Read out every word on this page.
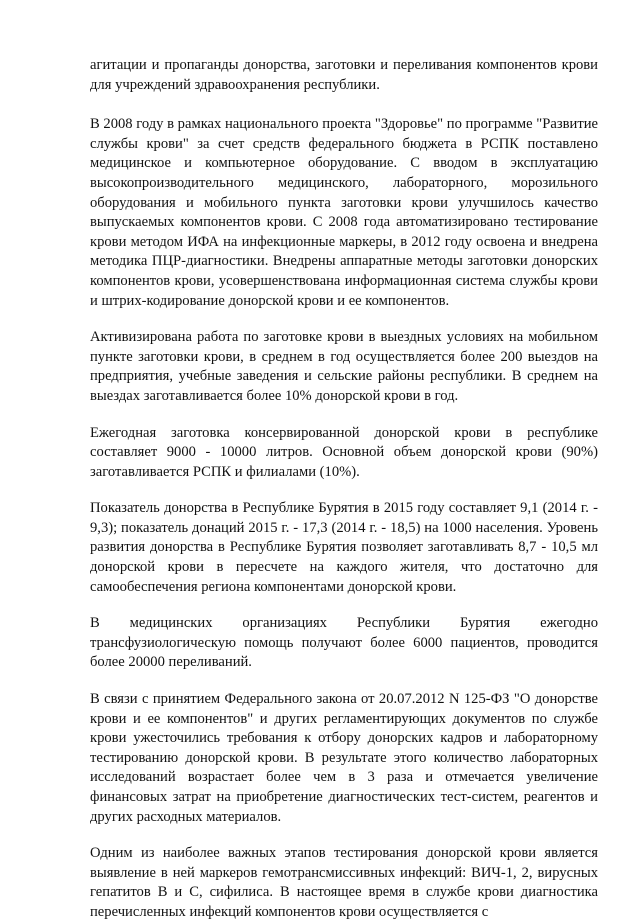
агитации и пропаганды донорства, заготовки и переливания компонентов крови для учреждений здравоохранения республики.

В 2008 году в рамках национального проекта "Здоровье" по программе "Развитие службы крови" за счет средств федерального бюджета в РСПК поставлено медицинское и компьютерное оборудование. С вводом в эксплуатацию высокопроизводительного медицинского, лабораторного, морозильного оборудования и мобильного пункта заготовки крови улучшилось качество выпускаемых компонентов крови. С 2008 года автоматизировано тестирование крови методом ИФА на инфекционные маркеры, в 2012 году освоена и внедрена методика ПЦР-диагностики. Внедрены аппаратные методы заготовки донорских компонентов крови, усовершенствована информационная система службы крови и штрих-кодирование донорской крови и ее компонентов.

Активизирована работа по заготовке крови в выездных условиях на мобильном пункте заготовки крови, в среднем в год осуществляется более 200 выездов на предприятия, учебные заведения и сельские районы республики. В среднем на выездах заготавливается более 10% донорской крови в год.

Ежегодная заготовка консервированной донорской крови в республике составляет 9000 - 10000 литров. Основной объем донорской крови (90%) заготавливается РСПК и филиалами (10%).

Показатель донорства в Республике Бурятия в 2015 году составляет 9,1 (2014 г. - 9,3); показатель донаций 2015 г. - 17,3 (2014 г. - 18,5) на 1000 населения. Уровень развития донорства в Республике Бурятия позволяет заготавливать 8,7 - 10,5 мл донорской крови в пересчете на каждого жителя, что достаточно для самообеспечения региона компонентами донорской крови.

В медицинских организациях Республики Бурятия ежегодно трансфузиологическую помощь получают более 6000 пациентов, проводится более 20000 переливаний.

В связи с принятием Федерального закона от 20.07.2012 N 125-ФЗ "О донорстве крови и ее компонентов" и других регламентирующих документов по службе крови ужесточились требования к отбору донорских кадров и лабораторному тестированию донорской крови. В результате этого количество лабораторных исследований возрастает более чем в 3 раза и отмечается увеличение финансовых затрат на приобретение диагностических тест-систем, реагентов и других расходных материалов.

Одним из наиболее важных этапов тестирования донорской крови является выявление в ней маркеров гемотрансмиссивных инфекций: ВИЧ-1, 2, вирусных гепатитов В и С, сифилиса. В настоящее время в службе крови диагностика перечисленных инфекций компонентов крови осуществляется с
